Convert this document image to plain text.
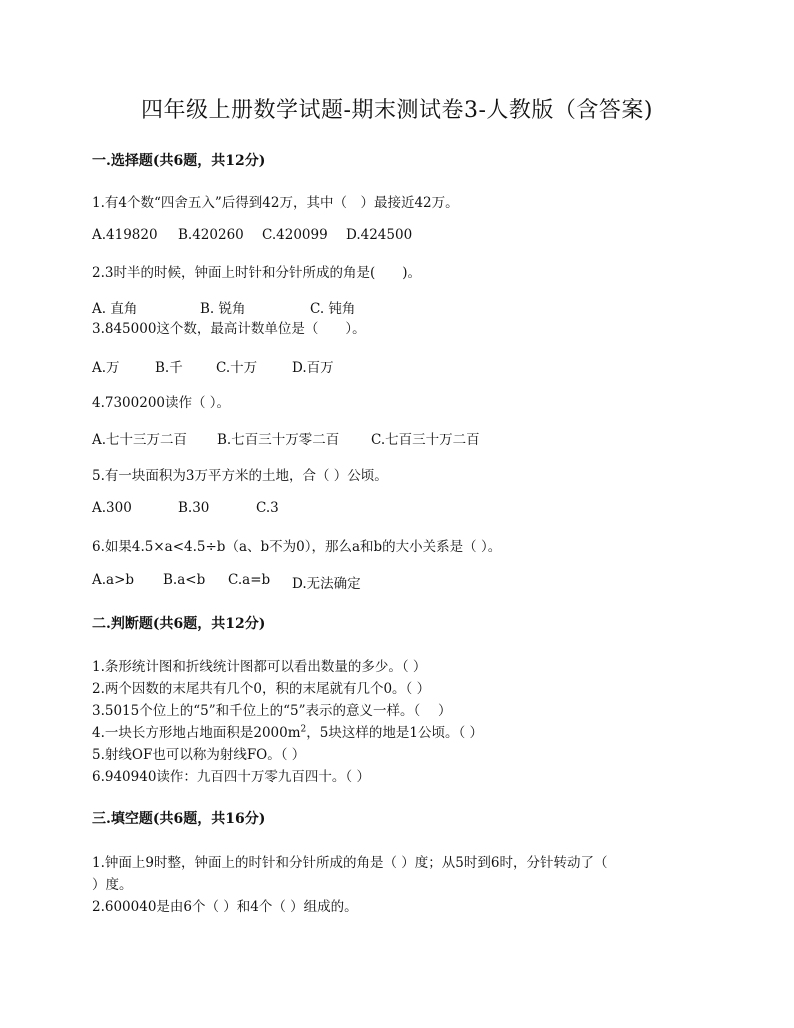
四年级上册数学试题-期末测试卷3-人教版（含答案)
一.选择题(共6题，共12分)
1.有4个数“四舍五入”后得到42万，其中（　）最接近42万。
A.419820 B.420260 C.420099 D.424500
2.3时半的时候，钟面上时针和分针所成的角是(　　)。
A. 直角	B. 锐角	C. 钝角
3.845000这个数，最高计数单位是（　　）。
A.万	B.千 C.十万	D.百万
4.7300200读作（ ）。
A.七十三万二百 B.七百三十万零二百 C.七百三十万二百
5.有一块面积为3万平方米的土地，合（ ）公顷。
A.300	B.30	C.3
6.如果4.5×a<4.5÷b（a、b不为0），那么a和b的大小关系是（ ）。
A.a>b B.a<b C.a=b D.无法确定
二.判断题(共6题，共12分)
1.条形统计图和折线统计图都可以看出数量的多少。（ ）
2.两个因数的末尾共有几个0，积的末尾就有几个0。（ ）
3.5015个位上的“5”和千位上的“5”表示的意义一样。（　 ）
4.一块长方形地占地面积是$2000m^2$，5块这样的地是1公顷。（ ）
5.射线OF也可以称为射线FO。（ ）
6.940940读作：九百四十万零九百四十。（ ）
三.填空题(共6题，共16分)
1.钟面上9时整，钟面上的时针和分针所成的角是（ ）度；从5时到6时，分针转动了（
）度。
2.600040是由6个（ ）和4个（ ）组成的。
